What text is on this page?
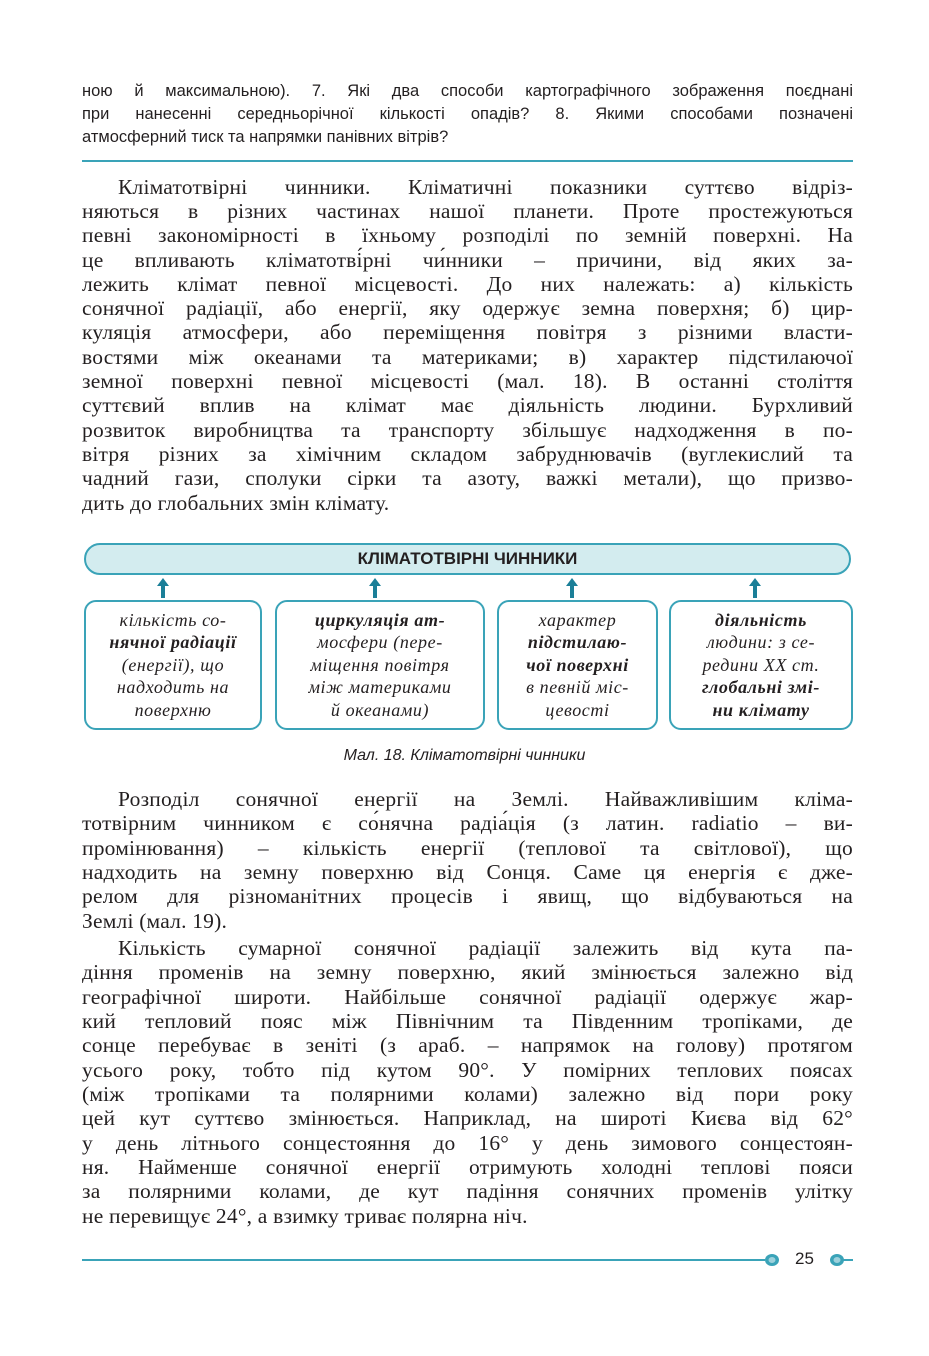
ною й максимальною). 7. Які два способи картографічного зображення поєднані
при нанесенні середньорічної кількості опадів? 8. Якими способами позначені
атмосферний тиск та напрямки панівних вітрів?
Кліматотвірні чинники. Кліматичні показники суттєво відріз-
няються в різних частинах нашої планети. Проте простежуються
певні закономірності в їхньому розподілі по земній поверхні. На
це впливають кліматотві́рні чи́нники – причини, від яких за-
лежить клімат певної місцевості. До них належать: а) кількість
сонячної радіації, або енергії, яку одержує земна поверхня; б) цир-
куляція атмосфери, або переміщення повітря з різними власти-
востями між океанами та материками; в) характер підстилаючої
земної поверхні певної місцевості (мал. 18). В останні століття
суттєвий вплив на клімат має діяльність людини. Бурхливий
розвиток виробництва та транспорту збільшує надходження в по-
вітря різних за хімічним складом забруднювачів (вуглекислий та
чадний гази, сполуки сірки та азоту, важкі метали), що призво-
дить до глобальних змін клімату.
КЛІМАТОТВІРНІ ЧИННИКИ
кількість со-
нячної радіації
(енергії), що
надходить на
поверхню
циркуляція ат-
мосфери (пере-
міщення повітря
між материками
й океанами)
характер
підстилаю-
чої поверхні
в певній міс-
цевості
діяльність
людини: з се-
редини XX ст.
глобальні змі-
ни клімату
Мал. 18. Кліматотвірні чинники
Розподіл сонячної енергії на Землі. Найважливішим кліма-
тотвірним чинником є со́нячна радіа́ція (з латин. radiatio – ви-
промінювання) – кількість енергії (теплової та світлової), що
надходить на земну поверхню від Сонця. Саме ця енергія є дже-
релом для різноманітних процесів і явищ, що відбуваються на
Землі (мал. 19).
Кількість сумарної сонячної радіації залежить від кута па-
діння променів на земну поверхню, який змінюється залежно від
географічної широти. Найбільше сонячної радіації одержує жар-
кий тепловий пояс між Північним та Південним тропіками, де
сонце перебуває в зеніті (з араб. – напрямок на голову) протягом
усього року, тобто під кутом 90°. У помірних теплових поясах
(між тропіками та полярними колами) залежно від пори року
цей кут суттєво змінюється. Наприклад, на широті Києва від 62°
у день літнього сонцестояння до 16° у день зимового сонцестоян-
ня. Найменше сонячної енергії отримують холодні теплові пояси
за полярними колами, де кут падіння сонячних променів улітку
не перевищує 24°, а взимку триває полярна ніч.
25
